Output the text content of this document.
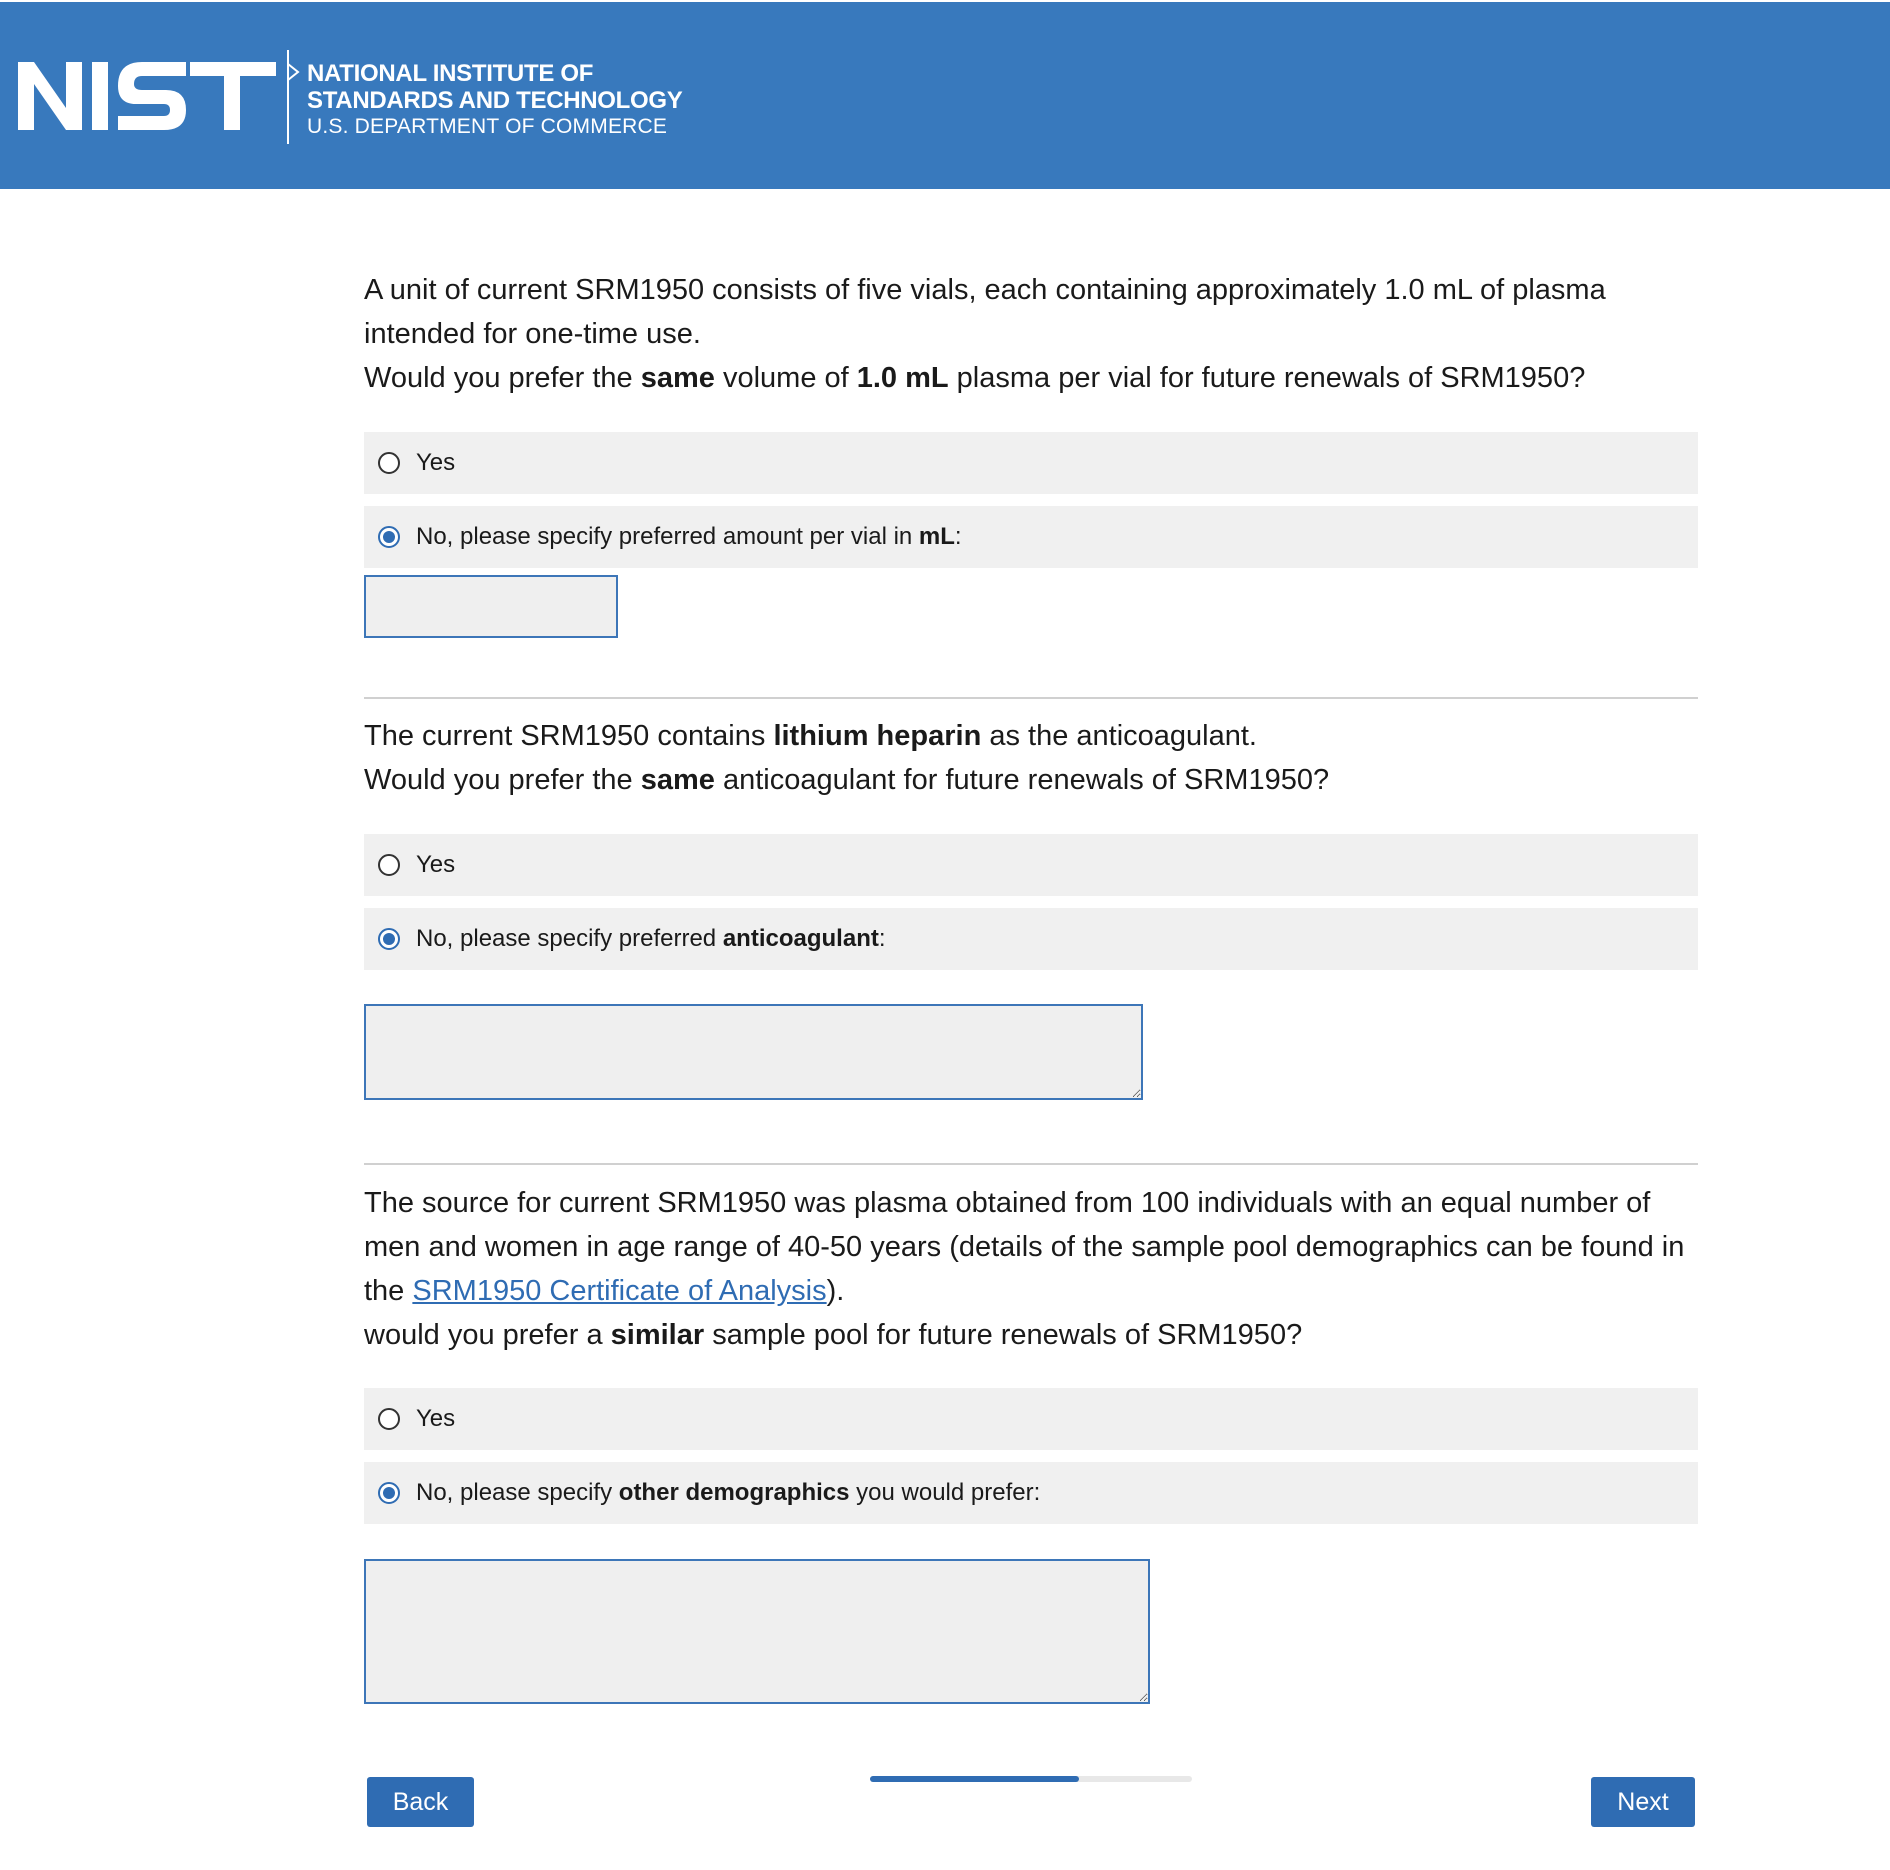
NATIONAL INSTITUTE OF
STANDARDS AND TECHNOLOGY
U.S. DEPARTMENT OF COMMERCE
A unit of current SRM1950 consists of five vials, each containing approximately 1.0 mL of plasma intended for one-time use.
Would you prefer the same volume of 1.0 mL plasma per vial for future renewals of SRM1950?
Yes
No, please specify preferred amount per vial in mL:
The current SRM1950 contains lithium heparin as the anticoagulant.
Would you prefer the same anticoagulant for future renewals of SRM1950?
Yes
No, please specify preferred anticoagulant:
The source for current SRM1950 was plasma obtained from 100 individuals with an equal number of men and women in age range of 40-50 years (details of the sample pool demographics can be found in the SRM1950 Certificate of Analysis).
would you prefer a similar sample pool for future renewals of SRM1950?
Yes
No, please specify other demographics you would prefer:
Back	Next
